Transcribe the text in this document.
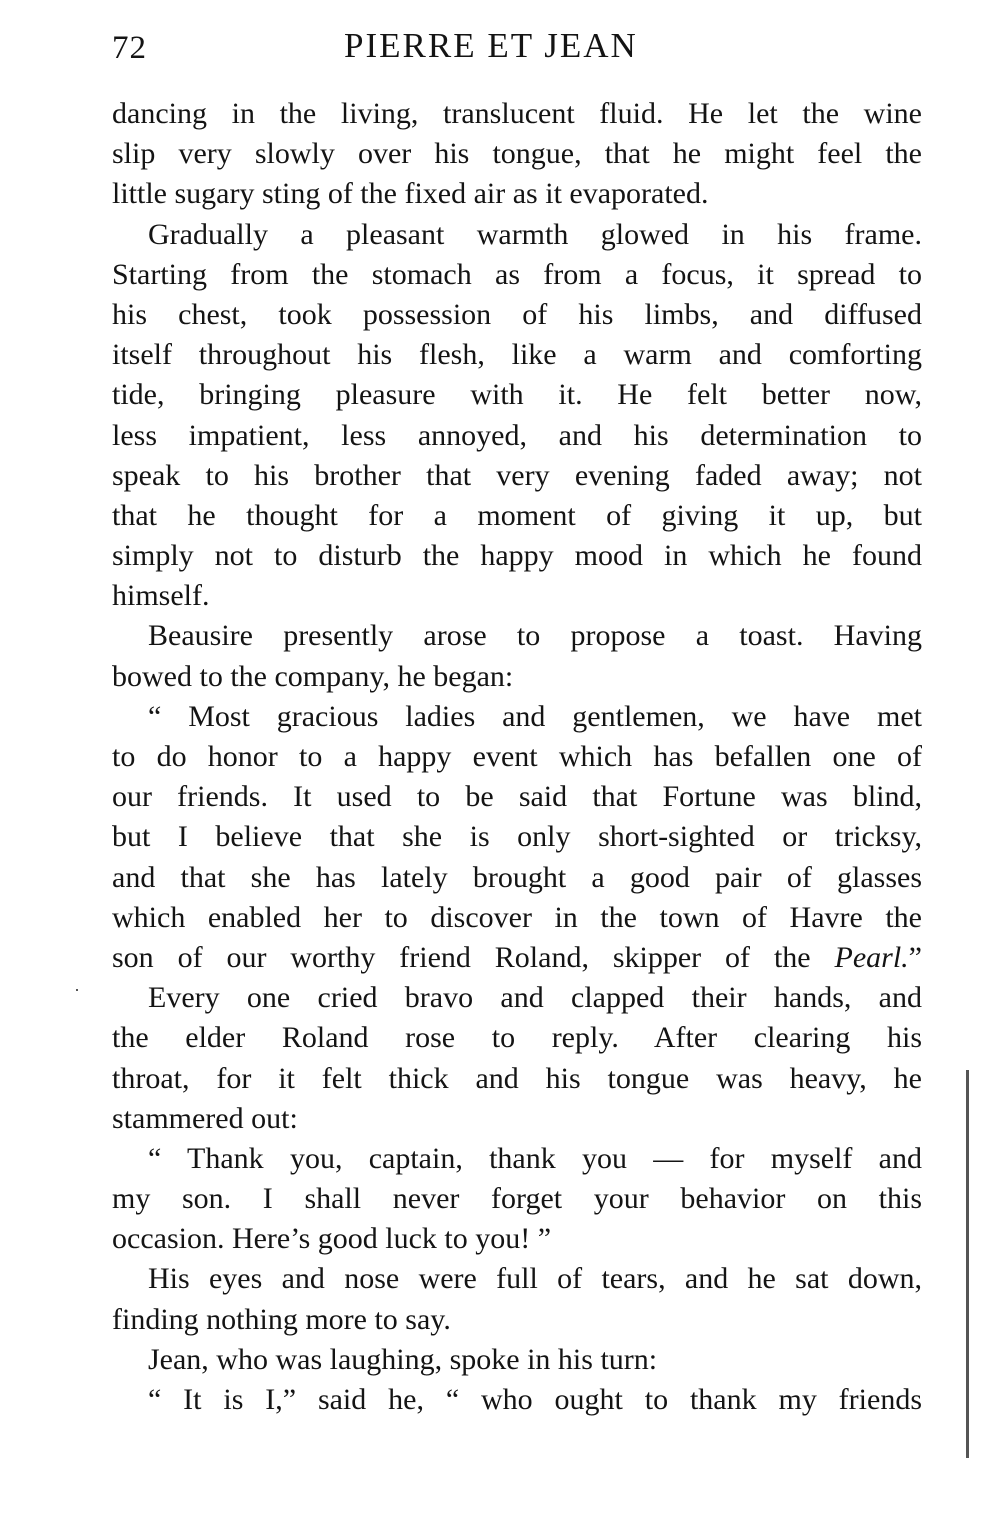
72	PIERRE ET JEAN
dancing in the living, translucent fluid. He let the wine
slip very slowly over his tongue, that he might feel the
little sugary sting of the fixed air as it evaporated.
Gradually a pleasant warmth glowed in his frame.
Starting from the stomach as from a focus, it spread to
his chest, took possession of his limbs, and diffused
itself throughout his flesh, like a warm and comforting
tide, bringing pleasure with it. He felt better now,
less impatient, less annoyed, and his determination to
speak to his brother that very evening faded away; not
that he thought for a moment of giving it up, but
simply not to disturb the happy mood in which he found
himself.
Beausire presently arose to propose a toast. Having
bowed to the company, he began:
“ Most gracious ladies and gentlemen, we have met
to do honor to a happy event which has befallen one of
our friends. It used to be said that Fortune was blind,
but I believe that she is only short-sighted or tricksy,
and that she has lately brought a good pair of glasses
which enabled her to discover in the town of Havre the
son of our worthy friend Roland, skipper of the Pearl.”
Every one cried bravo and clapped their hands, and
the elder Roland rose to reply. After clearing his
throat, for it felt thick and his tongue was heavy, he
stammered out:
“ Thank you, captain, thank you — for myself and
my son. I shall never forget your behavior on this
occasion. Here’s good luck to you! ”
His eyes and nose were full of tears, and he sat down,
finding nothing more to say.
Jean, who was laughing, spoke in his turn:
“ It is I,” said he, “ who ought to thank my friends
